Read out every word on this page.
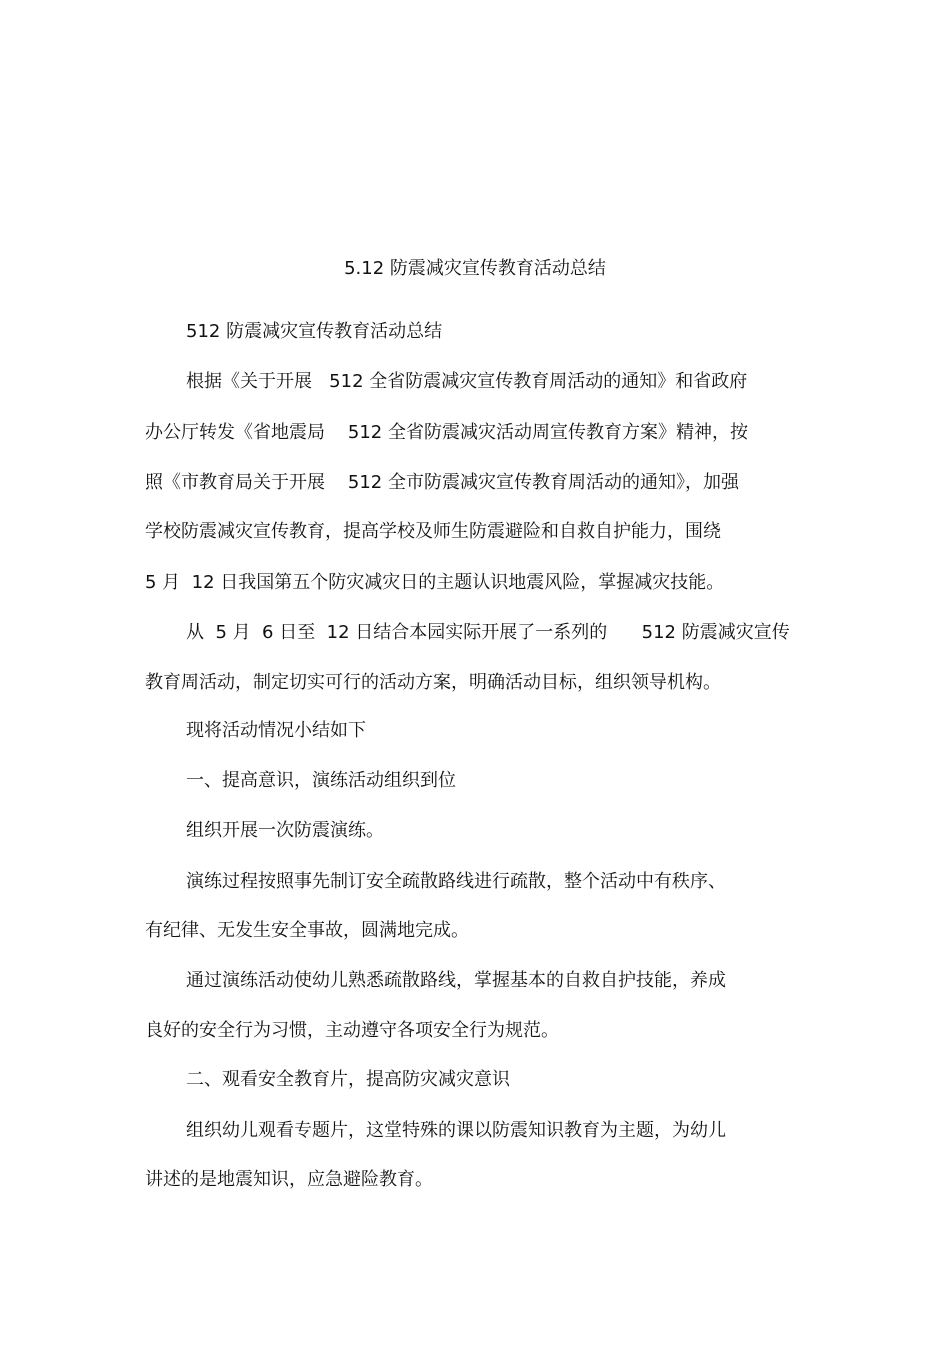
5.12 防震减灾宣传教育活动总结
512 防震减灾宣传教育活动总结
根据《关于开展   512 全省防震减灾宣传教育周活动的通知》和省政府
办公厅转发《省地震局    512 全省防震减灾活动周宣传教育方案》精神，按
照《市教育局关于开展    512 全市防震减灾宣传教育周活动的通知》，加强
学校防震减灾宣传教育，提高学校及师生防震避险和自救自护能力，围绕
5 月  12 日我国第五个防灾减灾日的主题认识地震风险，掌握减灾技能。
从  5 月  6 日至  12 日结合本园实际开展了一系列的      512 防震减灾宣传
教育周活动，制定切实可行的活动方案，明确活动目标，组织领导机构。
现将活动情况小结如下
一、提高意识，演练活动组织到位
组织开展一次防震演练。
演练过程按照事先制订安全疏散路线进行疏散，整个活动中有秩序、
有纪律、无发生安全事故，圆满地完成。
通过演练活动使幼儿熟悉疏散路线，掌握基本的自救自护技能，养成
良好的安全行为习惯，主动遵守各项安全行为规范。
二、观看安全教育片，提高防灾减灾意识
组织幼儿观看专题片，这堂特殊的课以防震知识教育为主题，为幼儿
讲述的是地震知识，应急避险教育。
